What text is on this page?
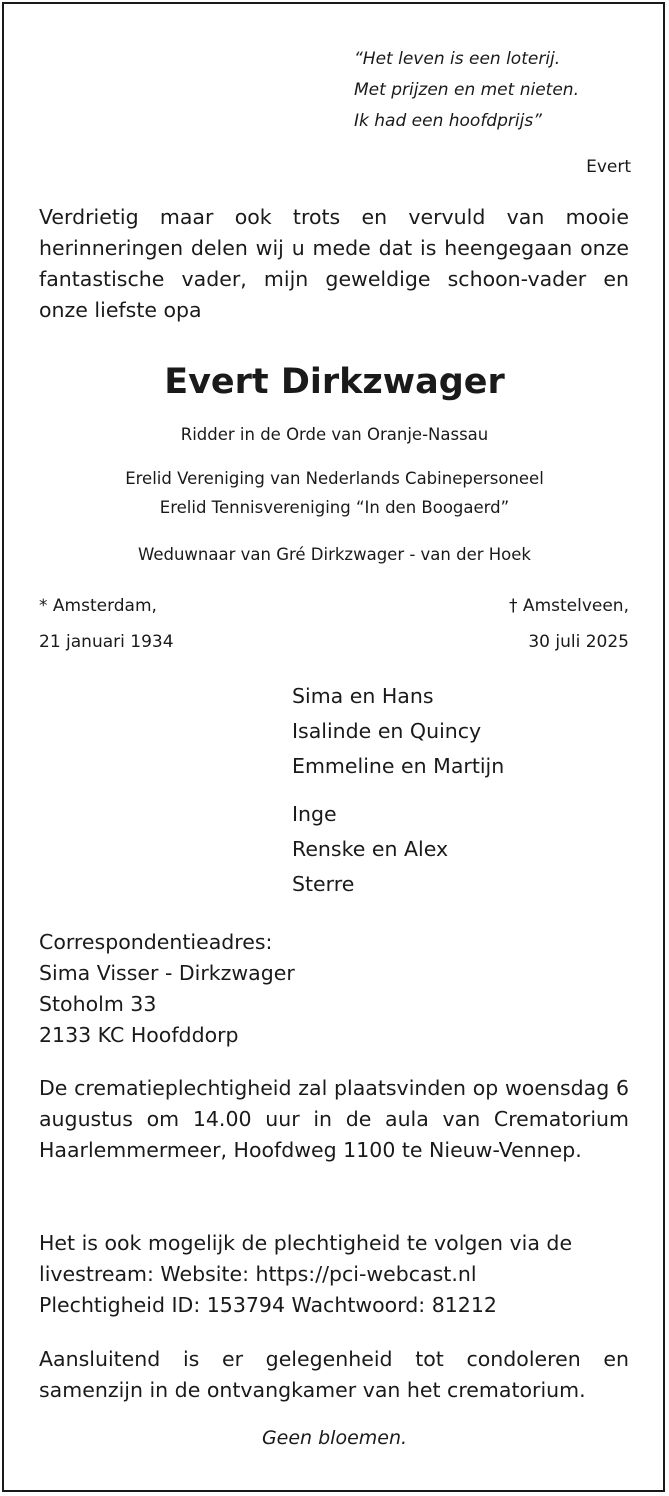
“Het leven is een loterij.
Met prijzen en met nieten.
Ik had een hoofdprijs”
Evert

Verdrietig maar ook trots en vervuld van mooie herinneringen delen wij u mede dat is heengegaan onze fantastische vader, mijn geweldige schoon-vader en onze liefste opa

Evert Dirkzwager
Ridder in de Orde van Oranje-Nassau
Erelid Vereniging van Nederlands Cabinepersoneel
Erelid Tennisvereniging “In den Boogaerd”
Weduwnaar van Gré Dirkzwager - van der Hoek
* Amsterdam,
21 januari 1934
† Amstelveen,
30 juli 2025
Sima en Hans
Isalinde en Quincy
Emmeline en Martijn
Inge
Renske en Alex
Sterre
Correspondentieadres:
Sima Visser - Dirkzwager
Stoholm 33
2133 KC Hoofddorp

De crematieplechtigheid zal plaatsvinden op woensdag 6 augustus om 14.00 uur in de aula van Crematorium Haarlemmermeer, Hoofdweg 1100 te Nieuw-Vennep.

Het is ook mogelijk de plechtigheid te volgen via de
livestream: Website: https://pci-webcast.nl
Plechtigheid ID: 153794 Wachtwoord: 81212

Aansluitend is er gelegenheid tot condoleren en samenzijn in de ontvangkamer van het crematorium.

Geen bloemen.
